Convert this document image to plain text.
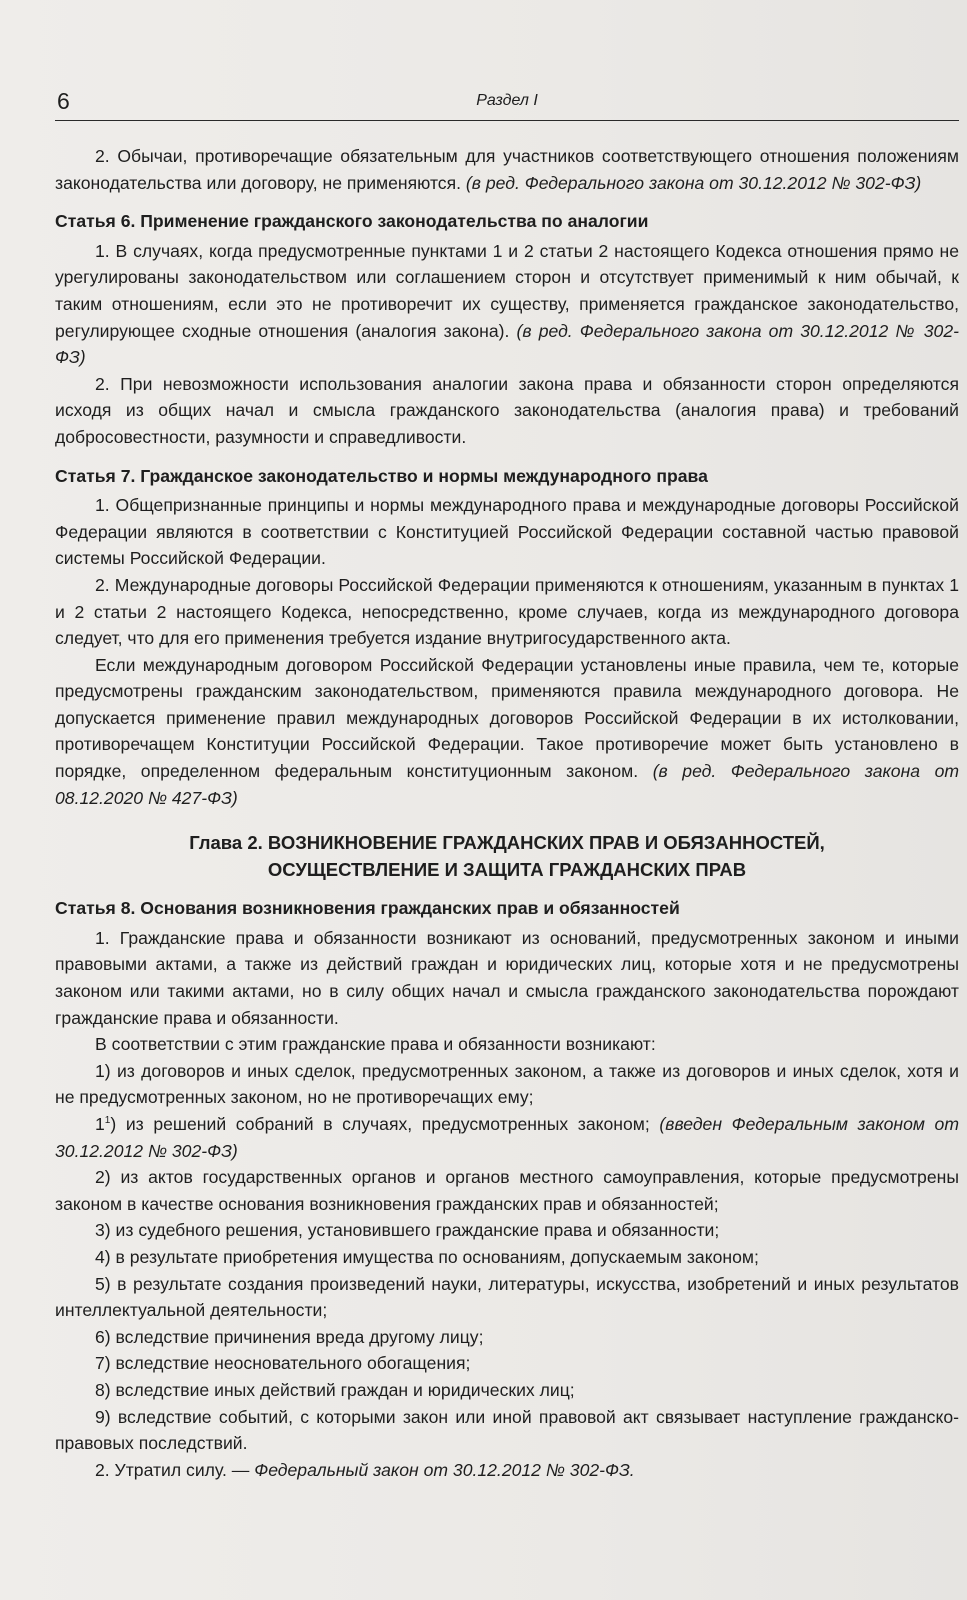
6	Раздел I

2. Обычаи, противоречащие обязательным для участников соответствующего отношения положениям законодательства или договору, не применяются. (в ред. Федерального закона от 30.12.2012 № 302-ФЗ)

Статья 6. Применение гражданского законодательства по аналогии

1. В случаях, когда предусмотренные пунктами 1 и 2 статьи 2 настоящего Кодекса отношения прямо не урегулированы законодательством или соглашением сторон и отсутствует применимый к ним обычай, к таким отношениям, если это не противоречит их существу, применяется гражданское законодательство, регулирующее сходные отношения (аналогия закона). (в ред. Федерального закона от 30.12.2012 № 302-ФЗ)

2. При невозможности использования аналогии закона права и обязанности сторон определяются исходя из общих начал и смысла гражданского законодательства (аналогия права) и требований добросовестности, разумности и справедливости.

Статья 7. Гражданское законодательство и нормы международного права

1. Общепризнанные принципы и нормы международного права и международные договоры Российской Федерации являются в соответствии с Конституцией Российской Федерации составной частью правовой системы Российской Федерации.

2. Международные договоры Российской Федерации применяются к отношениям, указанным в пунктах 1 и 2 статьи 2 настоящего Кодекса, непосредственно, кроме случаев, когда из международного договора следует, что для его применения требуется издание внутригосударственного акта.

Если международным договором Российской Федерации установлены иные правила, чем те, которые предусмотрены гражданским законодательством, применяются правила международного договора. Не допускается применение правил международных договоров Российской Федерации в их истолковании, противоречащем Конституции Российской Федерации. Такое противоречие может быть установлено в порядке, определенном федеральным конституционным законом. (в ред. Федерального закона от 08.12.2020 № 427-ФЗ)

Глава 2. ВОЗНИКНОВЕНИЕ ГРАЖДАНСКИХ ПРАВ И ОБЯЗАННОСТЕЙ,
ОСУЩЕСТВЛЕНИЕ И ЗАЩИТА ГРАЖДАНСКИХ ПРАВ
Статья 8. Основания возникновения гражданских прав и обязанностей

1. Гражданские права и обязанности возникают из оснований, предусмотренных законом и иными правовыми актами, а также из действий граждан и юридических лиц, которые хотя и не предусмотрены законом или такими актами, но в силу общих начал и смысла гражданского законодательства порождают гражданские права и обязанности.

В соответствии с этим гражданские права и обязанности возникают:

1) из договоров и иных сделок, предусмотренных законом, а также из договоров и иных сделок, хотя и не предусмотренных законом, но не противоречащих ему;

$1^1$) из решений собраний в случаях, предусмотренных законом; (введен Федеральным законом от 30.12.2012 № 302-ФЗ)

2) из актов государственных органов и органов местного самоуправления, которые предусмотрены законом в качестве основания возникновения гражданских прав и обязанностей;

3) из судебного решения, установившего гражданские права и обязанности;

4) в результате приобретения имущества по основаниям, допускаемым законом;

5) в результате создания произведений науки, литературы, искусства, изобретений и иных результатов интеллектуальной деятельности;

6) вследствие причинения вреда другому лицу;

7) вследствие неосновательного обогащения;

8) вследствие иных действий граждан и юридических лиц;

9) вследствие событий, с которыми закон или иной правовой акт связывает наступление гражданско-правовых последствий.

2. Утратил силу. — Федеральный закон от 30.12.2012 № 302-ФЗ.
